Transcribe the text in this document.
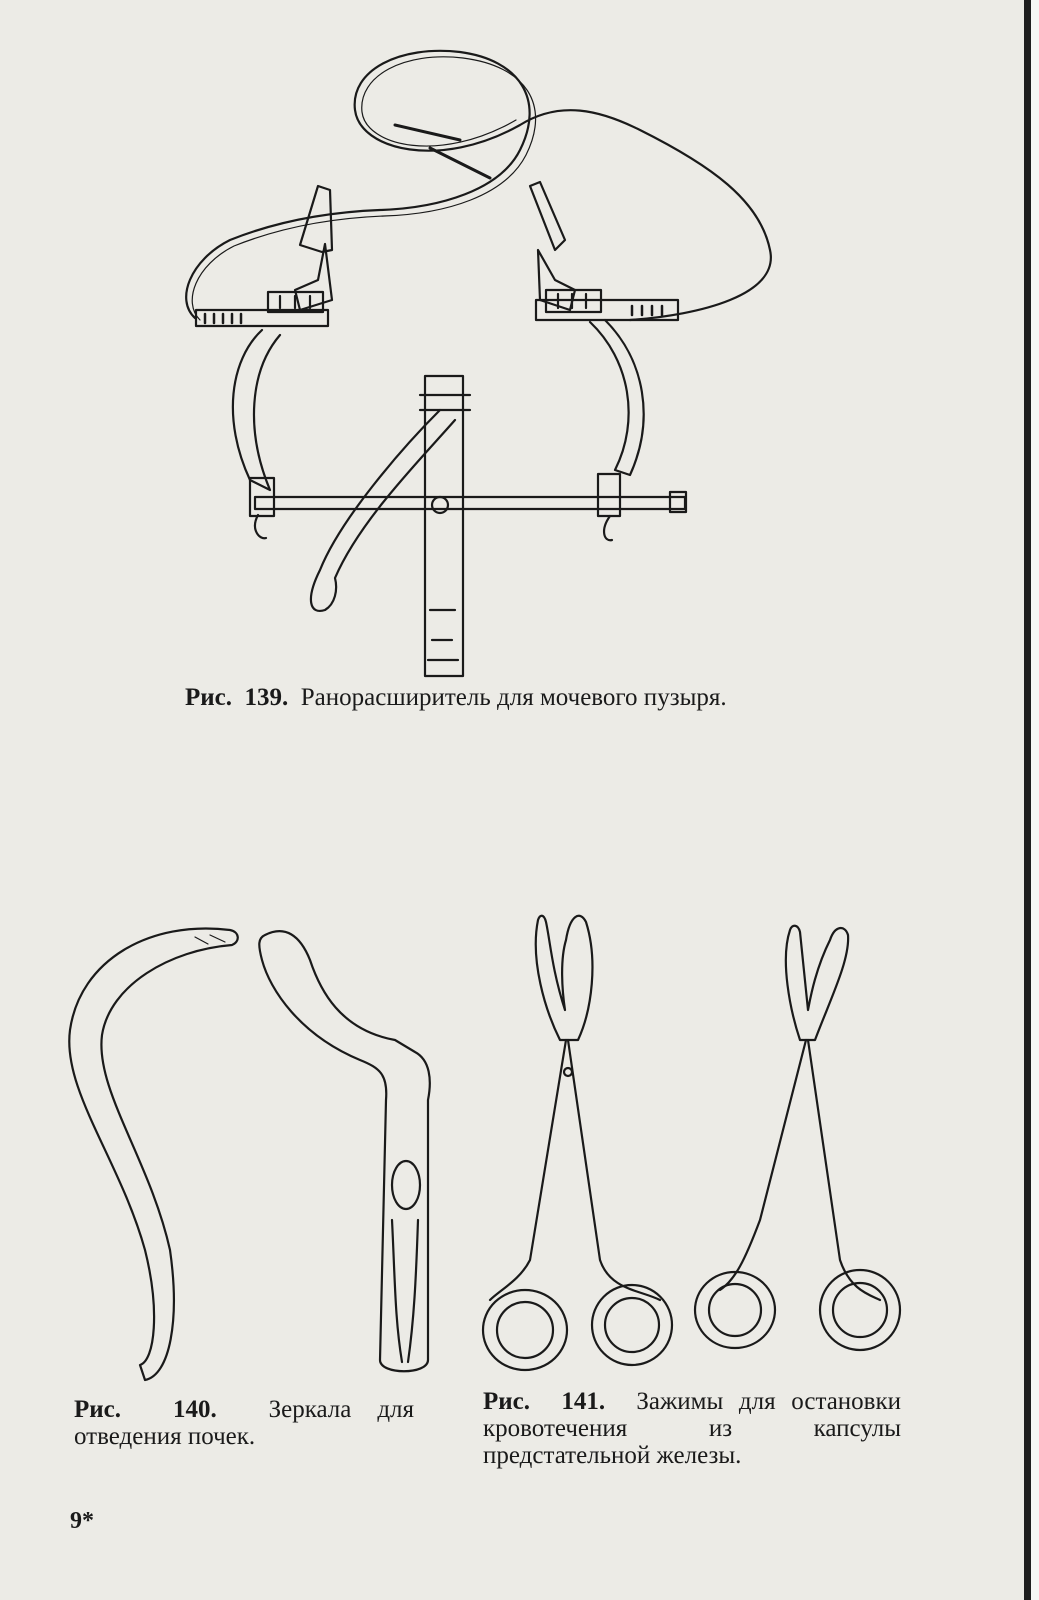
Рис. 139. Ранорасширитель для мочевого пузыря.
Рис. 140. Зеркала для отведения почек.
Рис. 141. Зажимы для остановки кровотечения из капсулы предстательной железы.
9*
